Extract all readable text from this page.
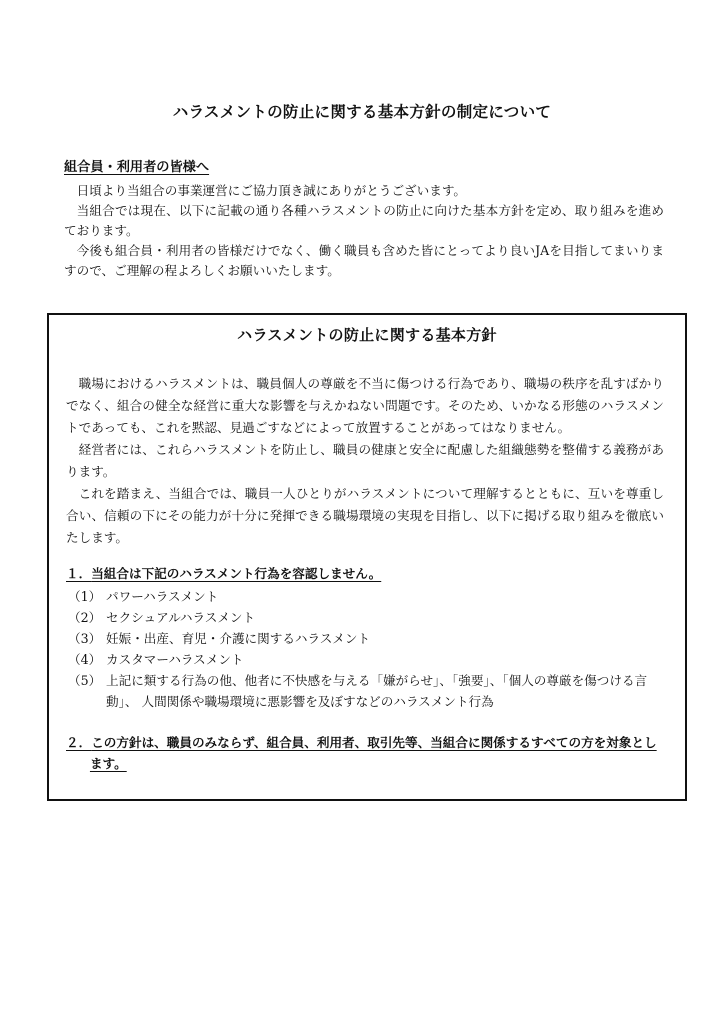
ハラスメントの防止に関する基本方針の制定について
組合員・利用者の皆様へ

日頃より当組合の事業運営にご協力頂き誠にありがとうございます。

当組合では現在、以下に記載の通り各種ハラスメントの防止に向けた基本方針を定め、取り組みを進めております。

今後も組合員・利用者の皆様だけでなく、働く職員も含めた皆にとってより良いJAを目指してまいりますので、ご理解の程よろしくお願いいたします。

ハラスメントの防止に関する基本方針

職場におけるハラスメントは、職員個人の尊厳を不当に傷つける行為であり、職場の秩序を乱すばかりでなく、組合の健全な経営に重大な影響を与えかねない問題です。そのため、いかなる形態のハラスメントであっても、これを黙認、見過ごすなどによって放置することがあってはなりません。

経営者には、これらハラスメントを防止し、職員の健康と安全に配慮した組織態勢を整備する義務があります。

これを踏まえ、当組合では、職員一人ひとりがハラスメントについて理解するとともに、互いを尊重し合い、信頼の下にその能力が十分に発揮できる職場環境の実現を目指し、以下に掲げる取り組みを徹底いたします。

１．当組合は下記のハラスメント行為を容認しません。
（1） パワーハラスメント
（2） セクシュアルハラスメント
（3） 妊娠・出産、育児・介護に関するハラスメント
（4） カスタマーハラスメント
（5） 上記に類する行為の他、他者に不快感を与える「嫌がらせ」、「強要」、「個人の尊厳を傷つける言動」、 人間関係や職場環境に悪影響を及ぼすなどのハラスメント行為
２．この方針は、職員のみならず、組合員、利用者、取引先等、当組合に関係するすべての方を対象とします。
